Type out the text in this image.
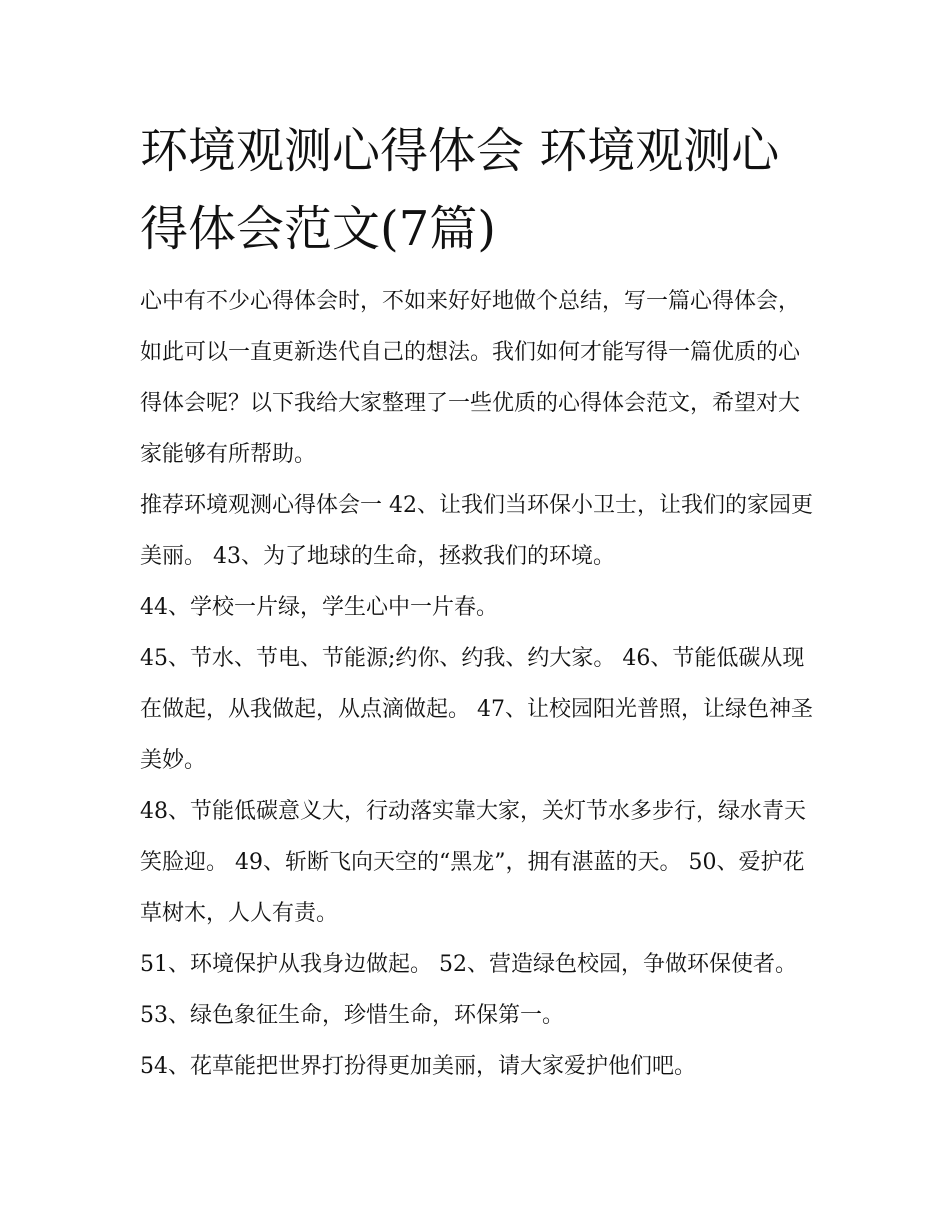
环境观测心得体会 环境观测心得体会范文(7篇)

心中有不少心得体会时，不如来好好地做个总结，写一篇心得体会，如此可以一直更新迭代自己的想法。我们如何才能写得一篇优质的心得体会呢？以下我给大家整理了一些优质的心得体会范文，希望对大家能够有所帮助。

推荐环境观测心得体会一 42、让我们当环保小卫士，让我们的家园更美丽。 43、为了地球的生命，拯救我们的环境。

44、学校一片绿，学生心中一片春。

45、节水、节电、节能源;约你、约我、约大家。 46、节能低碳从现在做起，从我做起，从点滴做起。 47、让校园阳光普照，让绿色神圣美妙。

48、节能低碳意义大，行动落实靠大家，关灯节水多步行，绿水青天笑脸迎。 49、斩断飞向天空的“黑龙”，拥有湛蓝的天。 50、爱护花草树木，人人有责。

51、环境保护从我身边做起。 52、营造绿色校园，争做环保使者。 53、绿色象征生命，珍惜生命，环保第一。

54、花草能把世界打扮得更加美丽，请大家爱护他们吧。
